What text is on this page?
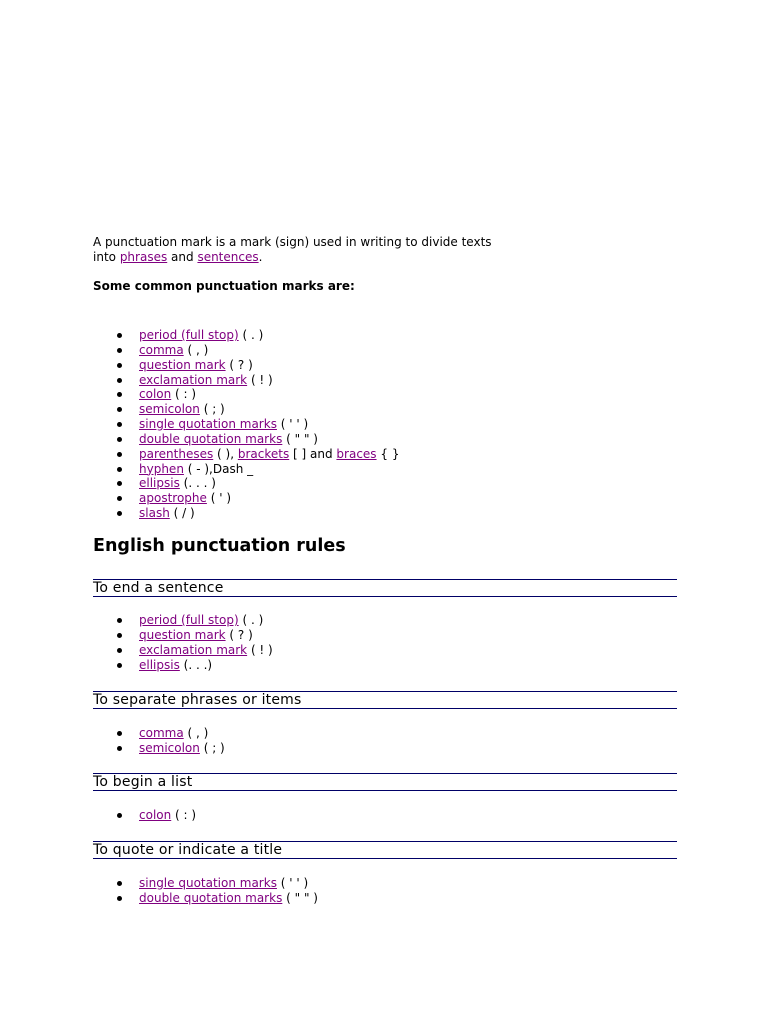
A punctuation mark is a mark (sign) used in writing to divide texts
into phrases and sentences.

Some common punctuation marks are:
period (full stop) ( . )
comma ( , )
question mark ( ? )
exclamation mark ( ! )
colon ( : )
semicolon ( ; )
single quotation marks ( ' ' )
double quotation marks ( " " )
parentheses ( ), brackets [ ] and braces { }
hyphen ( - ),Dash _
ellipsis (. . . )
apostrophe ( ' )
slash ( / )
English punctuation rules
To end a sentence
period (full stop) ( . )
question mark ( ? )
exclamation mark ( ! )
ellipsis (. . .)
To separate phrases or items
comma ( , )
semicolon ( ; )
To begin a list
colon ( : )
To quote or indicate a title
single quotation marks ( ' ' )
double quotation marks ( " " )
